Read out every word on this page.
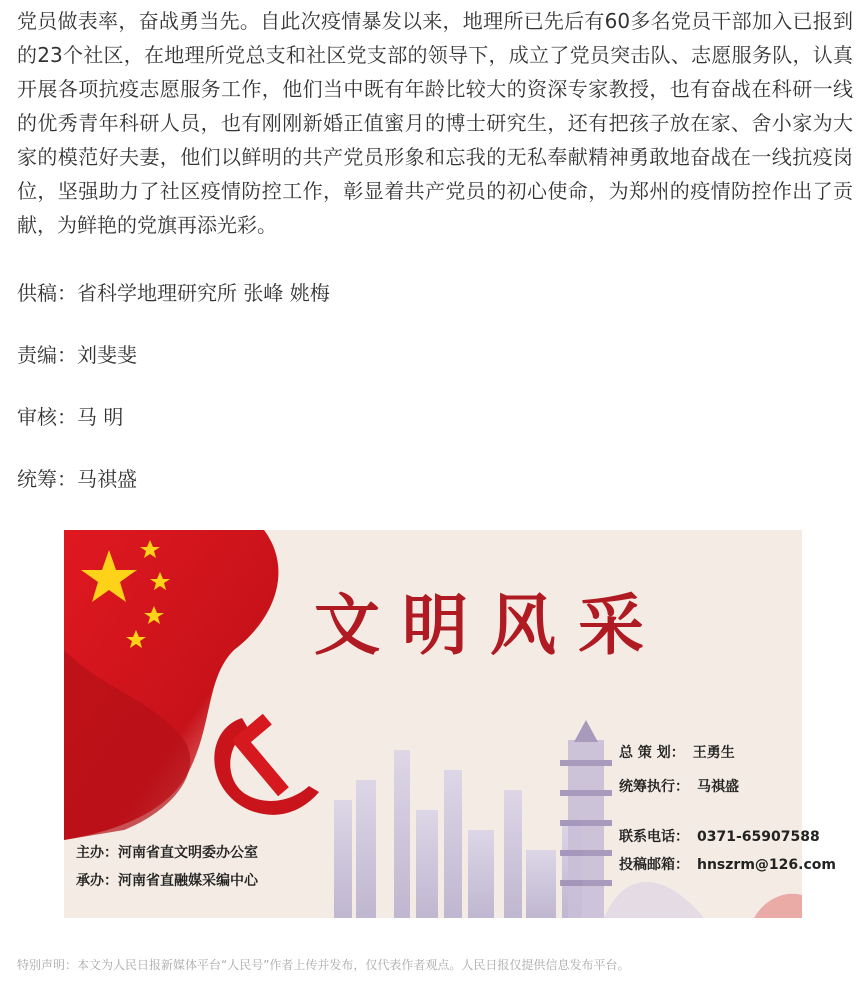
党员做表率，奋战勇当先。自此次疫情暴发以来，地理所已先后有60多名党员干部加入已报到的23个社区，在地理所党总支和社区党支部的领导下，成立了党员突击队、志愿服务队，认真开展各项抗疫志愿服务工作，他们当中既有年龄比较大的资深专家教授，也有奋战在科研一线的优秀青年科研人员，也有刚刚新婚正值蜜月的博士研究生，还有把孩子放在家、舍小家为大家的模范好夫妻，他们以鲜明的共产党员形象和忘我的无私奉献精神勇敢地奋战在一线抗疫岗位，坚强助力了社区疫情防控工作，彰显着共产党员的初心使命，为郑州的疫情防控作出了贡献，为鲜艳的党旗再添光彩。

供稿：省科学地理研究所 张峰 姚梅

责编：刘斐斐

审核：马 明

统筹：马祺盛

文明风采
总 策 划： 王勇生
统筹执行： 马祺盛
联系电话： 0371-65907588
投稿邮箱： hnszrm@126.com
主办：河南省直文明委办公室
承办：河南省直融媒采编中心
特别声明：本文为人民日报新媒体平台“人民号”作者上传并发布，仅代表作者观点。人民日报仅提供信息发布平台。
